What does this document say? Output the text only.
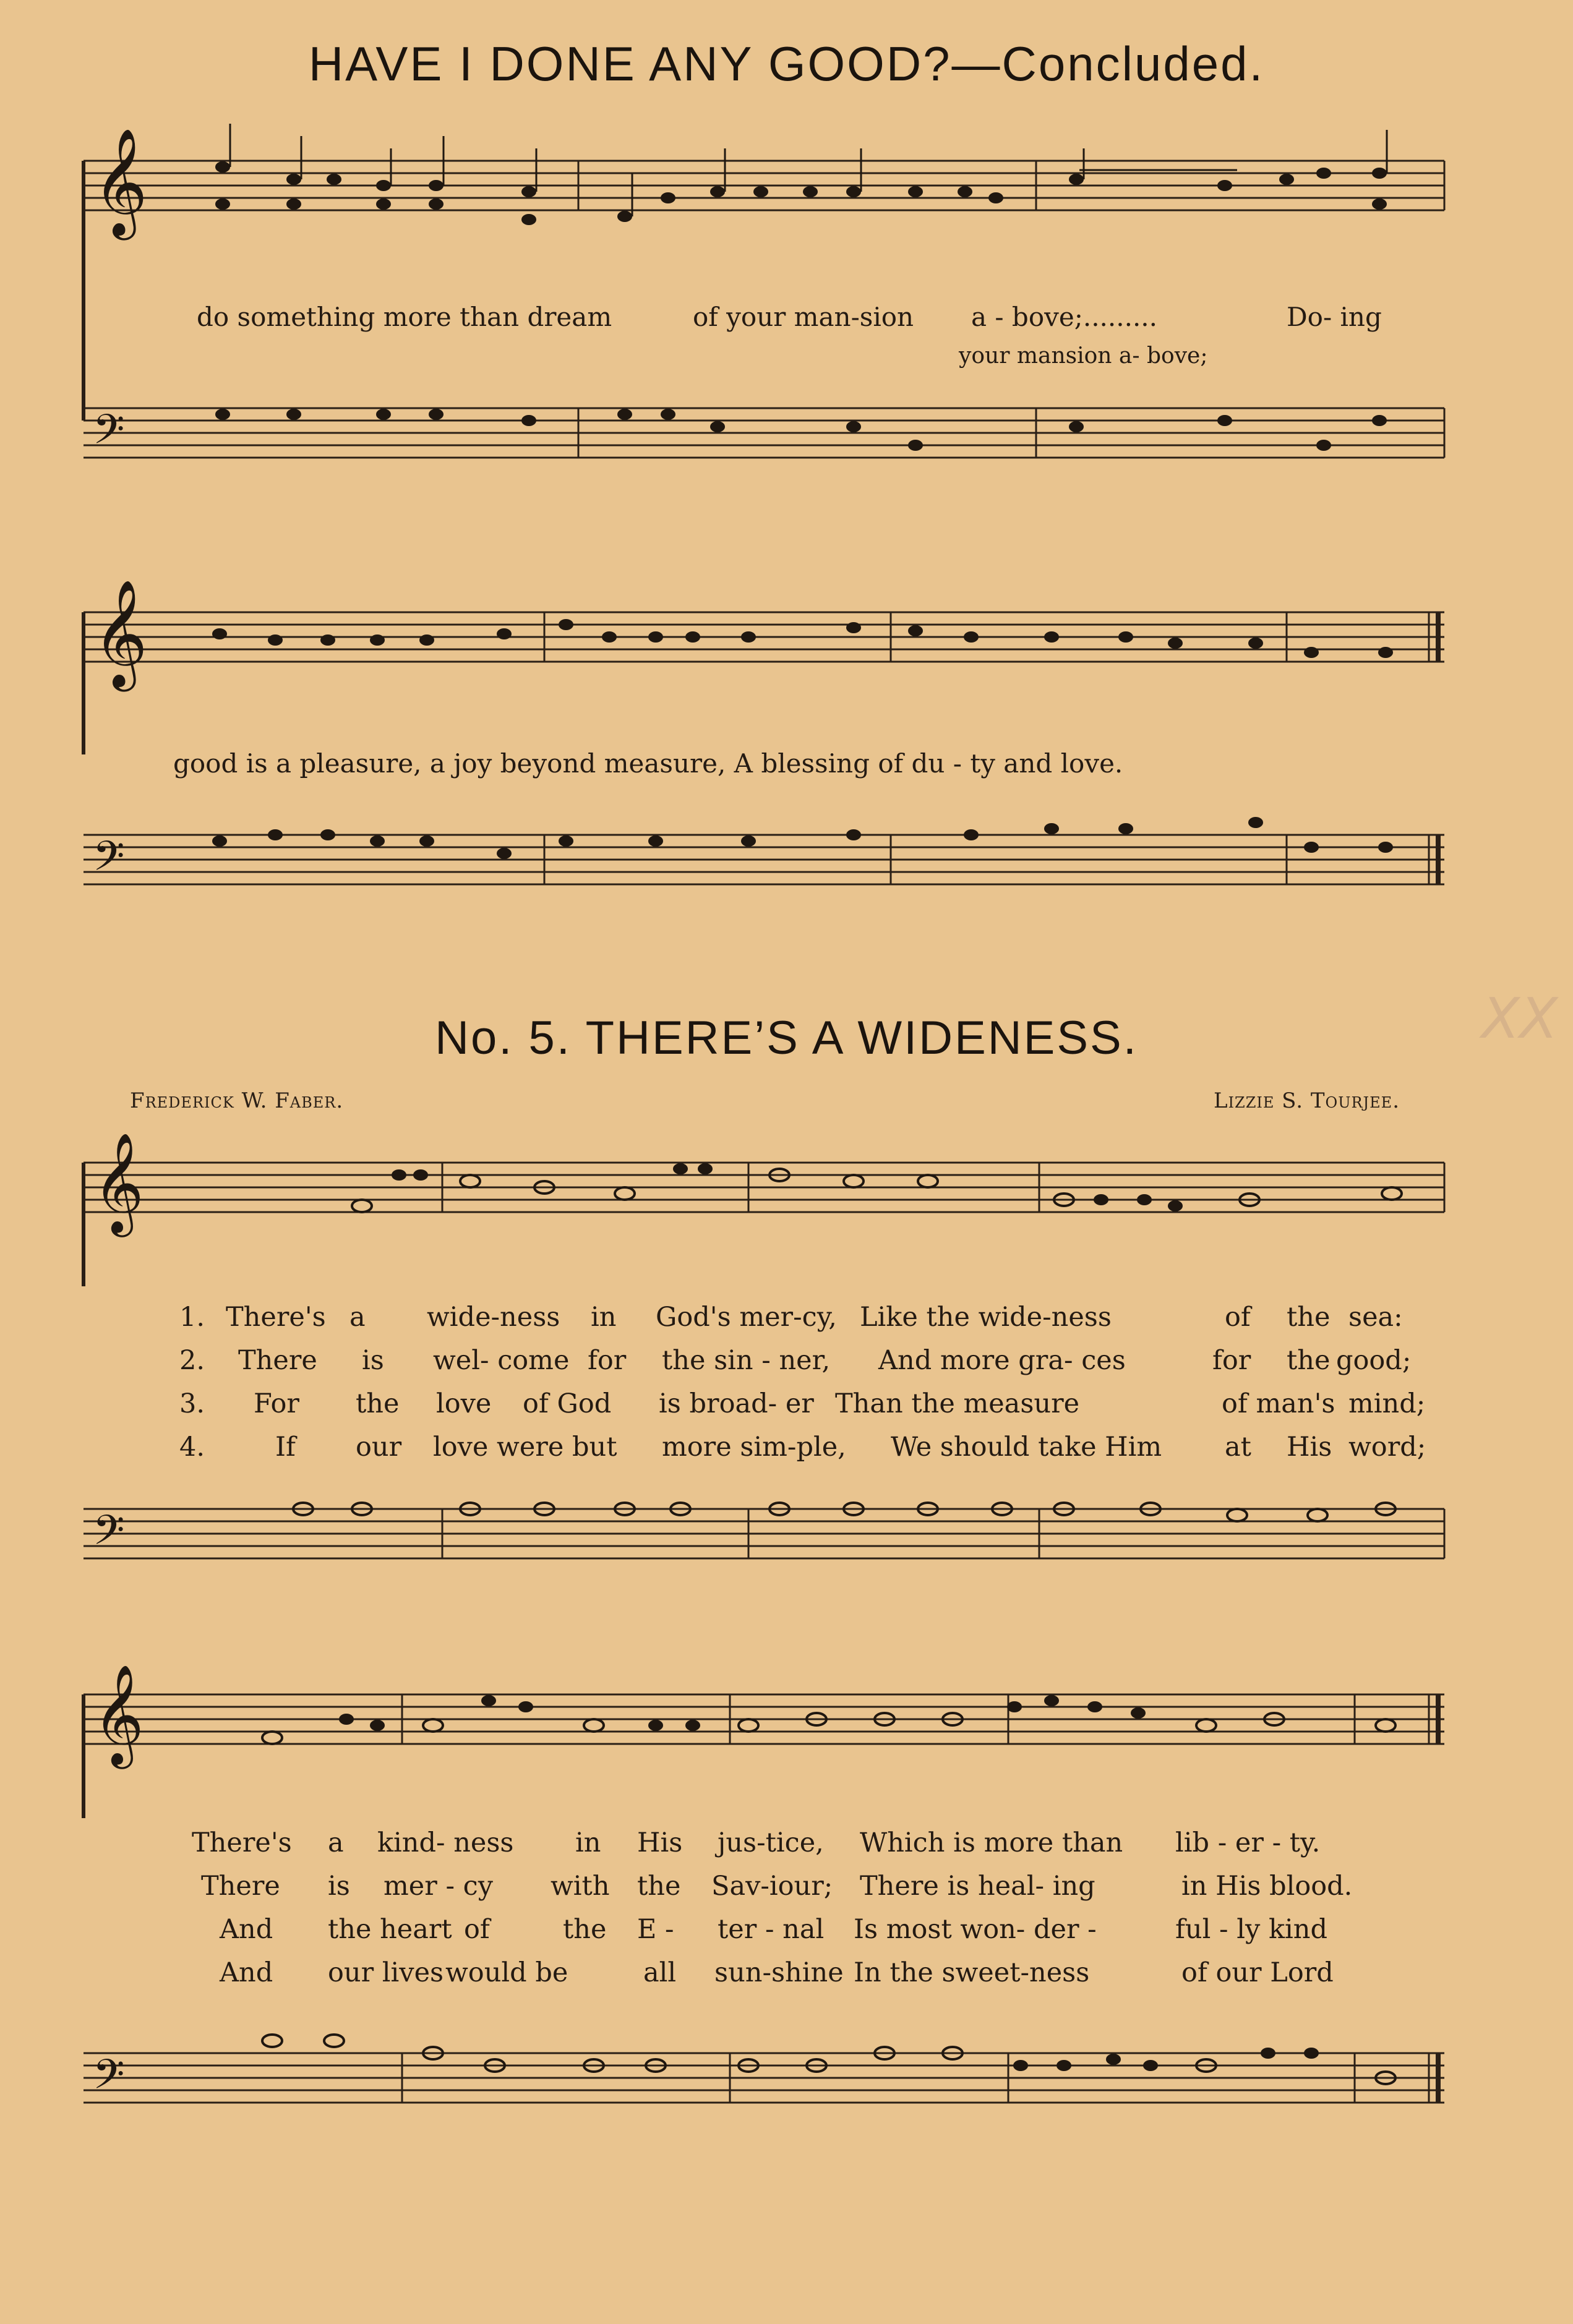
HAVE I DONE ANY GOOD?—Concluded.
𝄞
do something more than dream	of your man-sion a - bove;.........	Do- ing
your mansion a- bove;
𝄢
𝄞
good is a pleasure, a joy beyond measure, A blessing of du - ty and love.
𝄢
XX
No. 5. THERE’S A WIDENESS.
Frederick W. Faber.	Lizzie S. Tourjee.
𝄞
1. There's a wide-ness in God's mer-cy, Like the wide-ness	of the sea:
2. There is wel- come for the sin - ner, And more gra- ces	for the good;
3. For the love of God is broad- er Than the measure	of man's mind;
4.	If our love were but more sim-ple, We should take Him at His word;
𝄢
𝄞
There's a kind- ness in His jus-tice, Which is more than lib - er - ty.
There is mer - cy with the Sav-iour; There is heal- ing	in His blood.
And the heart of	the E - ter - nal Is most won- der -	ful - ly kind
And our lives would be	all sun-shine In the sweet-ness	of our Lord
𝄢
